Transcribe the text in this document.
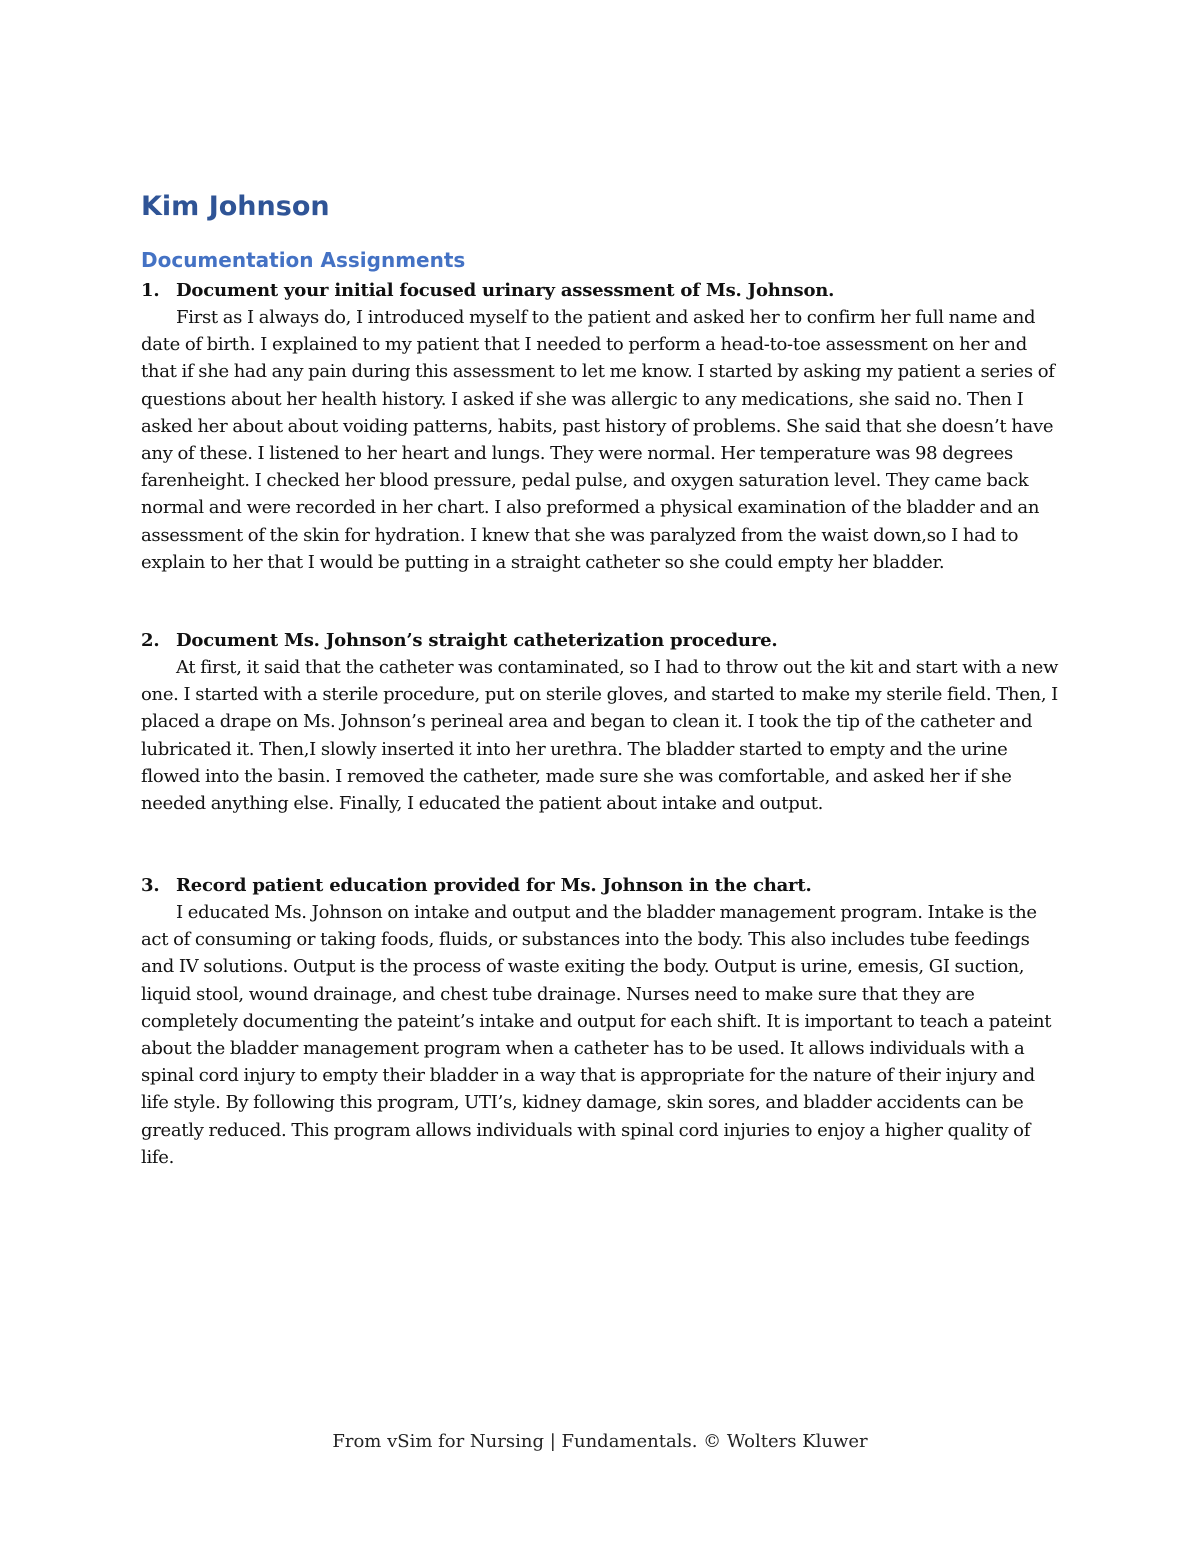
Kim Johnson
Documentation Assignments

1. Document your initial focused urinary assessment of Ms. Johnson.

First as I always do, I introduced myself to the patient and asked her to confirm her full name and date of birth. I explained to my patient that I needed to perform a head-to-toe assessment on her and that if she had any pain during this assessment to let me know. I started by asking my patient a series of questions about her health history. I asked if she was allergic to any medications, she said no. Then I asked her about about voiding patterns, habits, past history of problems. She said that she doesn’t have any of these. I listened to her heart and lungs. They were normal. Her temperature was 98 degrees farenheight. I checked her blood pressure, pedal pulse, and oxygen saturation level. They came back normal and were recorded in her chart. I also preformed a physical examination of the bladder and an assessment of the skin for hydration. I knew that she was paralyzed from the waist down,so I had to explain to her that I would be putting in a straight catheter so she could empty her bladder.

2. Document Ms. Johnson’s straight catheterization procedure.

At first, it said that the catheter was contaminated, so I had to throw out the kit and start with a new one. I started with a sterile procedure, put on sterile gloves, and started to make my sterile field. Then, I placed a drape on Ms. Johnson’s perineal area and began to clean it. I took the tip of the catheter and lubricated it. Then,I slowly inserted it into her urethra. The bladder started to empty and the urine flowed into the basin. I removed the catheter, made sure she was comfortable, and asked her if she needed anything else. Finally, I educated the patient about intake and output.

3. Record patient education provided for Ms. Johnson in the chart.

I educated Ms. Johnson on intake and output and the bladder management program. Intake is the act of consuming or taking foods, fluids, or substances into the body. This also includes tube feedings and IV solutions. Output is the process of waste exiting the body. Output is urine, emesis, GI suction, liquid stool, wound drainage, and chest tube drainage. Nurses need to make sure that they are completely documenting the pateint’s intake and output for each shift. It is important to teach a pateint about the bladder management program when a catheter has to be used. It allows individuals with a spinal cord injury to empty their bladder in a way that is appropriate for the nature of their injury and life style. By following this program, UTI’s, kidney damage, skin sores, and bladder accidents can be greatly reduced. This program allows individuals with spinal cord injuries to enjoy a higher quality of life.

From vSim for Nursing | Fundamentals. © Wolters Kluwer
